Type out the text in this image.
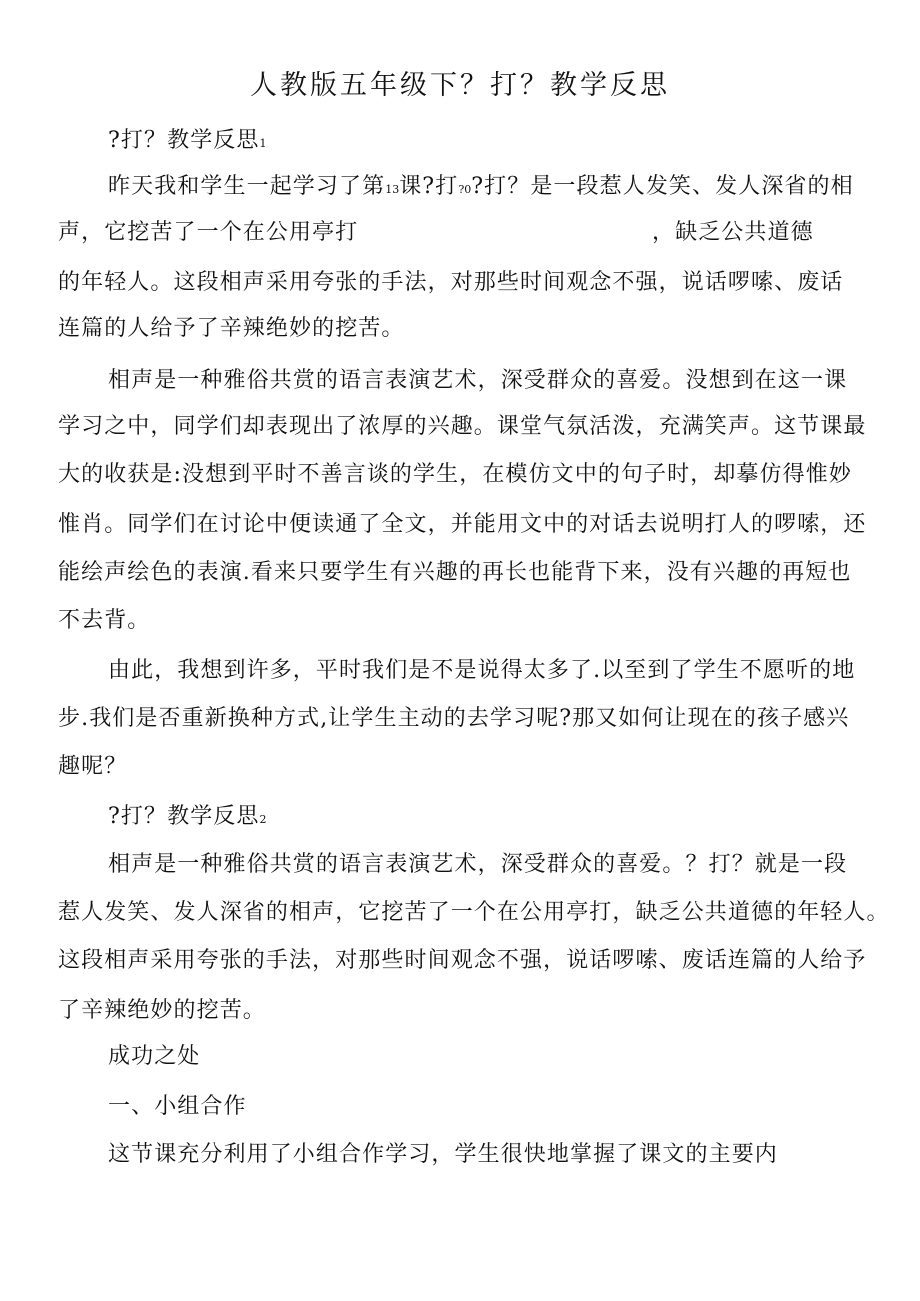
人教版五年级下？打？教学反思
?打？教学反思1
昨天我和学生一起学习了第13课?打?0?打？是一段惹人发笑、发人深省的相
声，它挖苦了一个在公用亭打	，缺乏公共道德
的年轻人。这段相声采用夸张的手法，对那些时间观念不强，说话啰嗦、废话
连篇的人给予了辛辣绝妙的挖苦。
相声是一种雅俗共赏的语言表演艺术，深受群众的喜爱。没想到在这一课
学习之中，同学们却表现出了浓厚的兴趣。课堂气氛活泼，充满笑声。这节课最
大的收获是:没想到平时不善言谈的学生，在模仿文中的句子时，却摹仿得惟妙
惟肖。同学们在讨论中便读通了全文，并能用文中的对话去说明打人的啰嗦，还
能绘声绘色的表演.看来只要学生有兴趣的再长也能背下来，没有兴趣的再短也
不去背。
由此，我想到许多，平时我们是不是说得太多了.以至到了学生不愿听的地
步.我们是否重新换种方式,让学生主动的去学习呢?那又如何让现在的孩子感兴
趣呢？
?打？教学反思2
相声是一种雅俗共赏的语言表演艺术，深受群众的喜爱。？打？就是一段
惹人发笑、发人深省的相声，它挖苦了一个在公用亭打，缺乏公共道德的年轻人。
这段相声采用夸张的手法，对那些时间观念不强，说话啰嗦、废话连篇的人给予
了辛辣绝妙的挖苦。
成功之处
一、小组合作
这节课充分利用了小组合作学习，学生很快地掌握了课文的主要内
